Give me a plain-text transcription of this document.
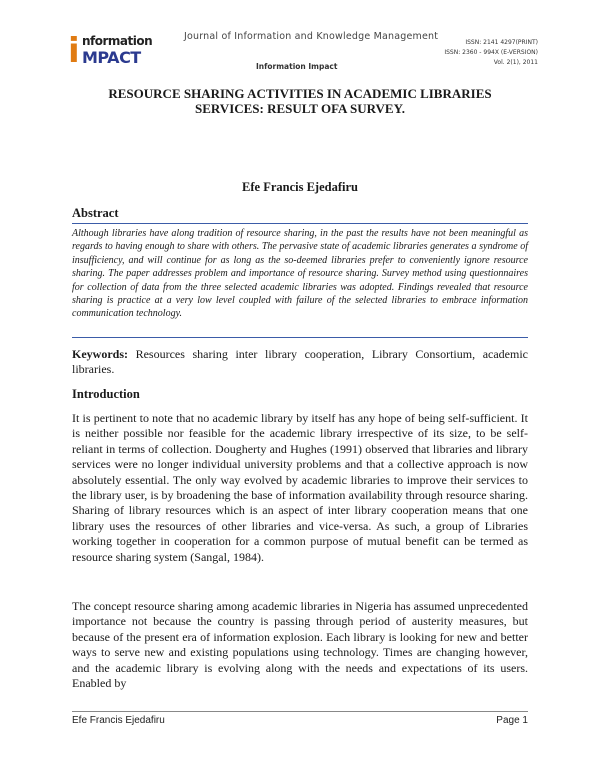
i nformation
MPACT
Journal of Information and Knowledge Management
Information Impact
ISSN: 2141 4297(PRINT)
ISSN: 2360 - 994X (E-VERSION)
Vol. 2(1), 2011
RESOURCE SHARING ACTIVITIES IN ACADEMIC LIBRARIES SERVICES: RESULT OFA SURVEY.
Efe Francis Ejedafiru
Abstract
Although libraries have along tradition of resource sharing, in the past the results have not been meaningful as regards to having enough to share with others. The pervasive state of academic libraries generates a syndrome of insufficiency, and will continue for as long as the so-deemed libraries prefer to conveniently ignore resource sharing. The paper addresses problem and importance of resource sharing. Survey method using questionnaires for collection of data from the three selected academic libraries was adopted. Findings revealed that resource sharing is practice at a very low level coupled with failure of the selected libraries to embrace information communication technology.
Keywords: Resources sharing inter library cooperation, Library Consortium, academic libraries.
Introduction
It is pertinent to note that no academic library by itself has any hope of being self-sufficient. It is neither possible nor feasible for the academic library irrespective of its size, to be self-reliant in terms of collection. Dougherty and Hughes (1991) observed that libraries and library services were no longer individual university problems and that a collective approach is now absolutely essential. The only way evolved by academic libraries to improve their services to the library user, is by broadening the base of information availability through resource sharing. Sharing of library resources which is an aspect of inter library cooperation means that one library uses the resources of other libraries and vice-versa. As such, a group of Libraries working together in cooperation for a common purpose of mutual benefit can be termed as resource sharing system (Sangal, 1984).
The concept resource sharing among academic libraries in Nigeria has assumed unprecedented importance not because the country is passing through period of austerity measures, but because of the present era of information explosion. Each library is looking for new and better ways to serve new and existing populations using technology. Times are changing however, and the academic library is evolving along with the needs and expectations of its users. Enabled by
Efe Francis Ejedafiru	Page 1
